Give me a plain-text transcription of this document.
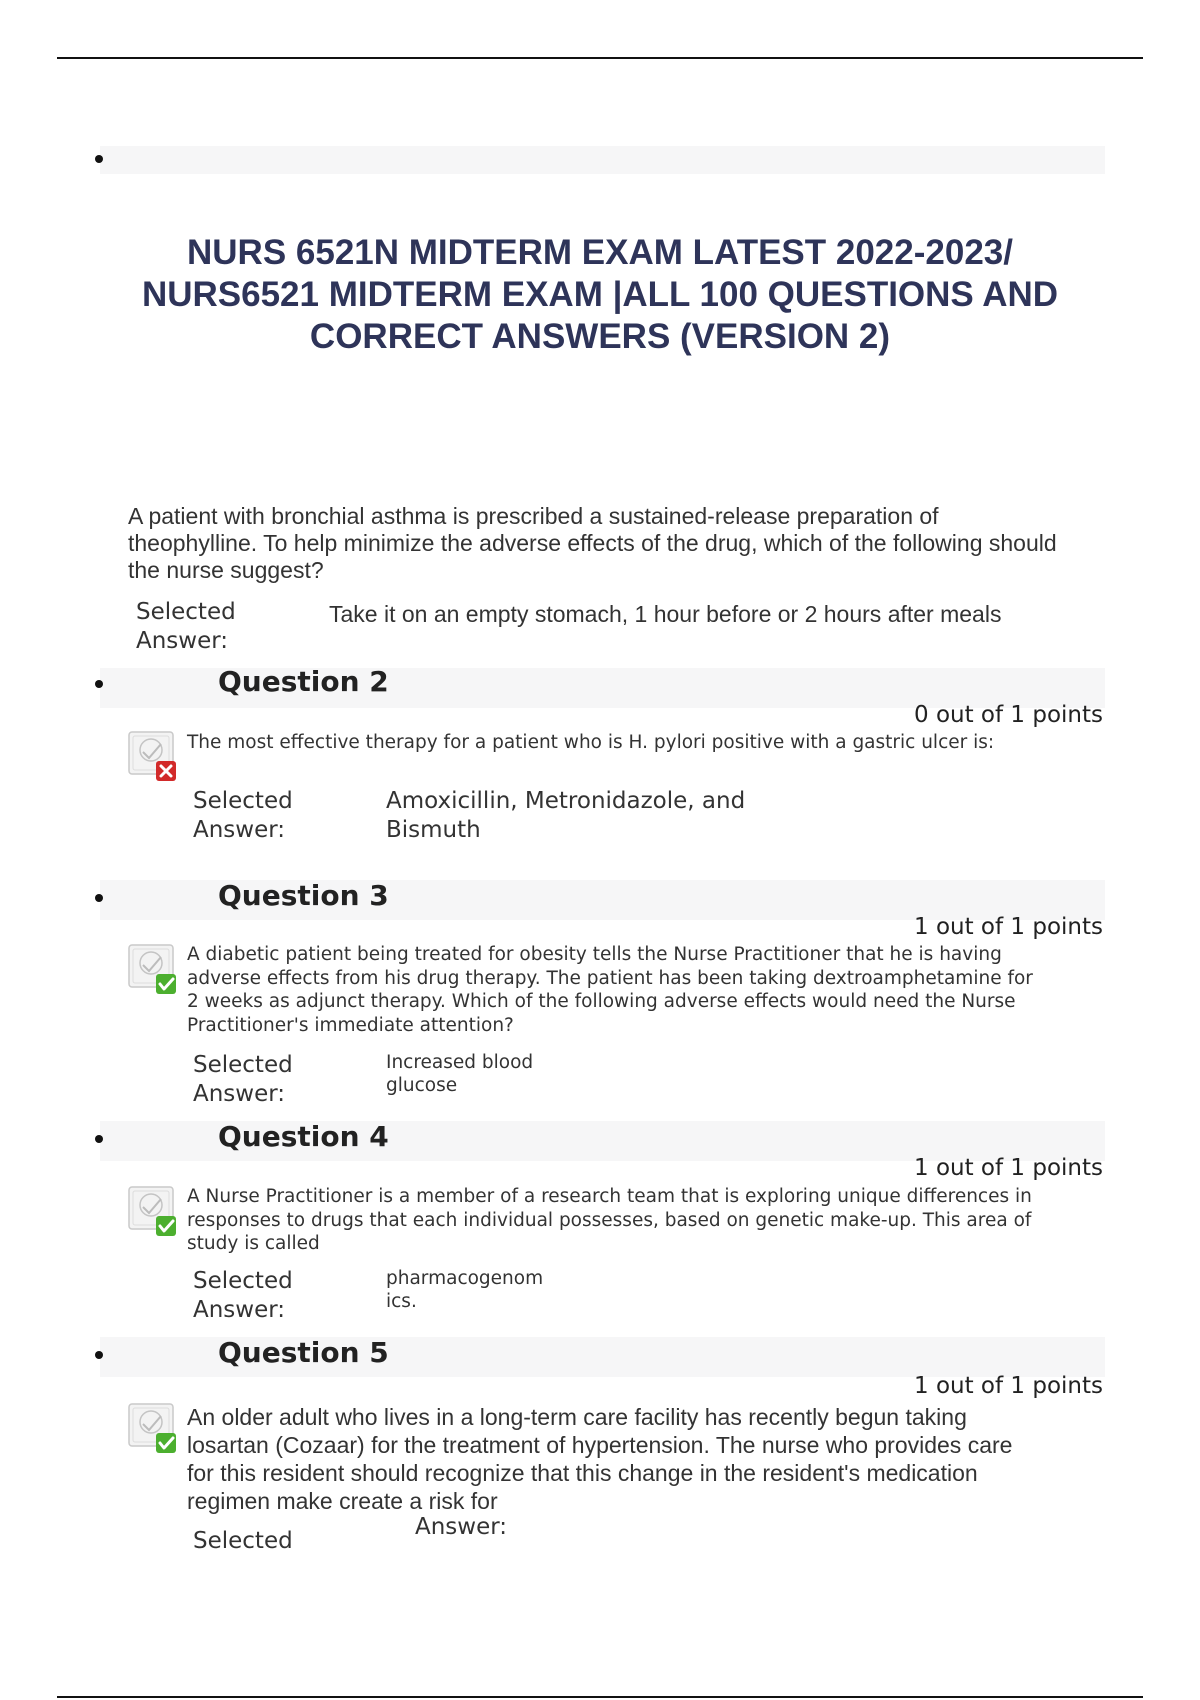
NURS 6521N MIDTERM EXAM LATEST 2022-2023/
NURS6521 MIDTERM EXAM |ALL 100 QUESTIONS AND
CORRECT ANSWERS (VERSION 2)
A patient with bronchial asthma is prescribed a sustained-release preparation of theophylline. To help minimize the adverse effects of the drug, which of the following should the nurse suggest?
Selected
Answer:
Take it on an empty stomach, 1 hour before or 2 hours after meals
Question 2
0 out of 1 points
The most effective therapy for a patient who is H. pylori positive with a gastric ulcer is:
Selected
Answer:
Amoxicillin, Metronidazole, and
Bismuth
Question 3
1 out of 1 points
A diabetic patient being treated for obesity tells the Nurse Practitioner that he is having adverse effects from his drug therapy. The patient has been taking dextroamphetamine for 2 weeks as adjunct therapy. Which of the following adverse effects would need the Nurse Practitioner's immediate attention?
Selected
Answer:
Increased blood
glucose
Question 4
1 out of 1 points
A Nurse Practitioner is a member of a research team that is exploring unique differences in responses to drugs that each individual possesses, based on genetic make-up. This area of study is called
Selected
Answer:
pharmacogenom
ics.
Question 5
1 out of 1 points
An older adult who lives in a long-term care facility has recently begun taking losartan (Cozaar) for the treatment of hypertension. The nurse who provides care for this resident should recognize that this change in the resident's medication regimen make create a risk for
Selected
Answer:
